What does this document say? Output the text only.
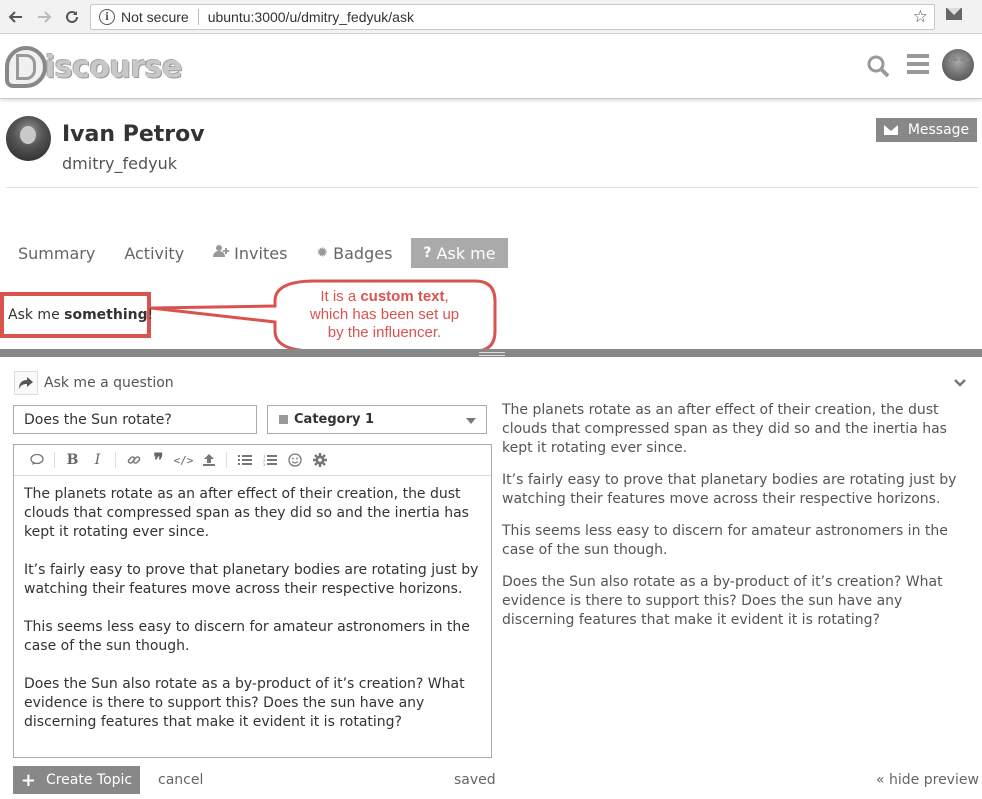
i Not secure ubuntu:3000/u/dmitry_fedyuk/ask	☆
iscourse
Ivan Petrov
dmitry_fedyuk
Message
Summary Activity	Invites ✹ Badges ? Ask me
Ask me something !
It is a custom text,
which has been set up
by the influencer.
Ask me a question
Does the Sun rotate?
Category 1
B	I	❞ </>	1
2
3

The planets rotate as an after effect of their creation, the dust clouds that compressed span as they did so and the inertia has kept it rotating ever since.

It’s fairly easy to prove that planetary bodies are rotating just by watching their features move across their respective horizons.

This seems less easy to discern for amateur astronomers in the case of the sun though.

Does the Sun also rotate as a by-product of it’s creation? What evidence is there to support this? Does the sun have any discerning features that make it evident it is rotating?

The planets rotate as an after effect of their creation, the dust clouds that compressed span as they did so and the inertia has kept it rotating ever since.

It’s fairly easy to prove that planetary bodies are rotating just by watching their features move across their respective horizons.

This seems less easy to discern for amateur astronomers in the case of the sun though.

Does the Sun also rotate as a by-product of it’s creation? What evidence is there to support this? Does the sun have any discerning features that make it evident it is rotating?

+ Create Topic cancel	saved	« hide preview
